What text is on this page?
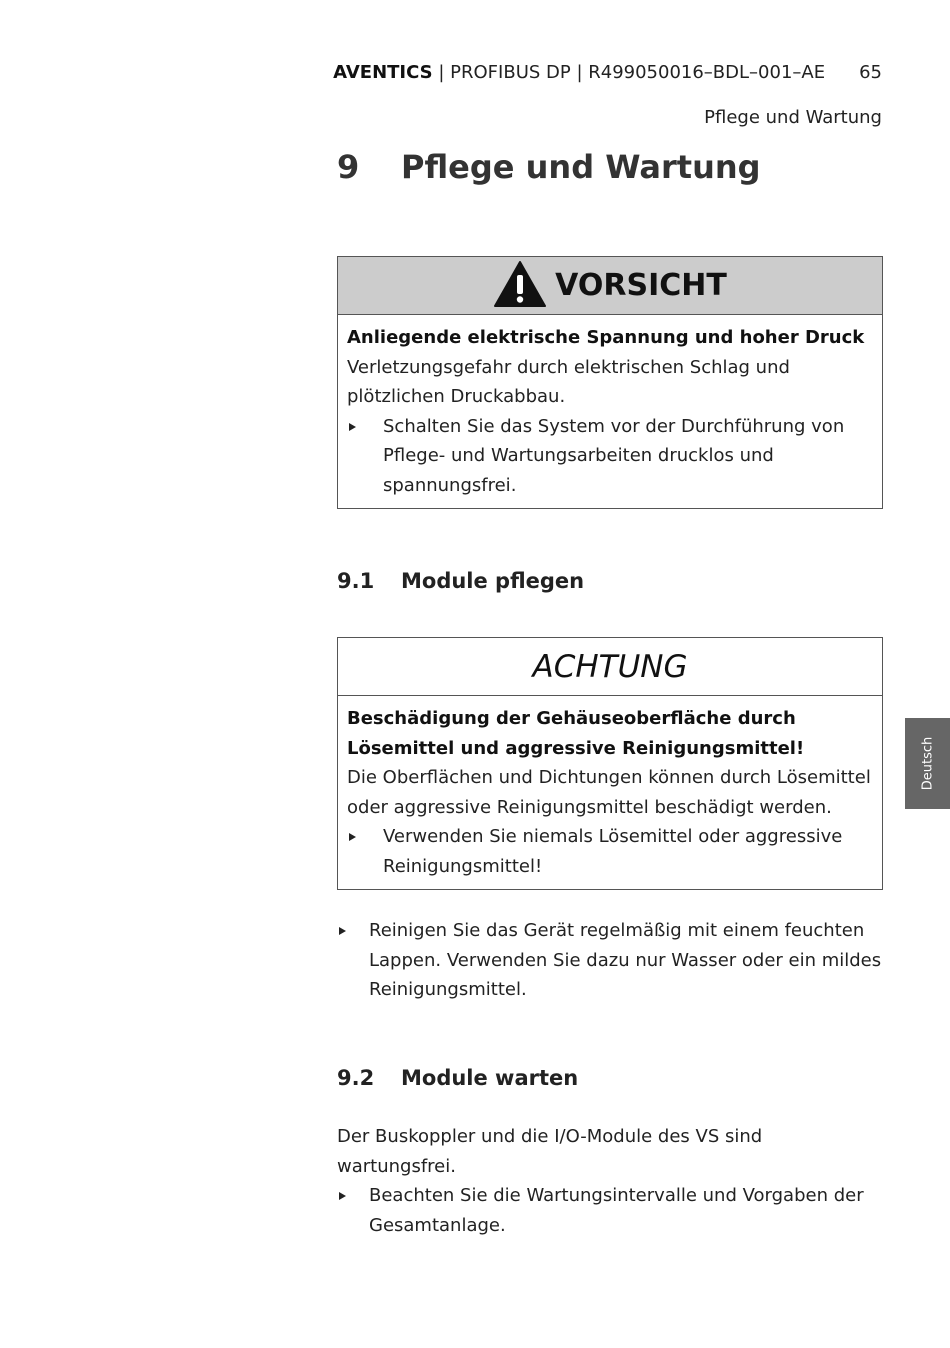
AVENTICS | PROFIBUS DP | R499050016–BDL–001–AE 65
Pflege und Wartung
9 Pflege und Wartung
VORSICHT
Anliegende elektrische Spannung und hoher Druck
Verletzungsgefahr durch elektrischen Schlag und plötzlichen Druckabbau.
Schalten Sie das System vor der Durchführung von Pflege- und Wartungsarbeiten drucklos und spannungsfrei.
9.1 Module pflegen
ACHTUNG
Beschädigung der Gehäuseoberfläche durch Lösemittel und aggressive Reinigungsmittel!
Die Oberflächen und Dichtungen können durch Lösemittel oder aggressive Reinigungsmittel beschädigt werden.
Verwenden Sie niemals Lösemittel oder aggressive Reinigungsmittel!
Reinigen Sie das Gerät regelmäßig mit einem feuchten Lappen. Verwenden Sie dazu nur Wasser oder ein mildes Reinigungsmittel.
9.2 Module warten
Der Buskoppler und die I/O-Module des VS sind wartungsfrei.
Beachten Sie die Wartungsintervalle und Vorgaben der Gesamtanlage.
Deutsch
